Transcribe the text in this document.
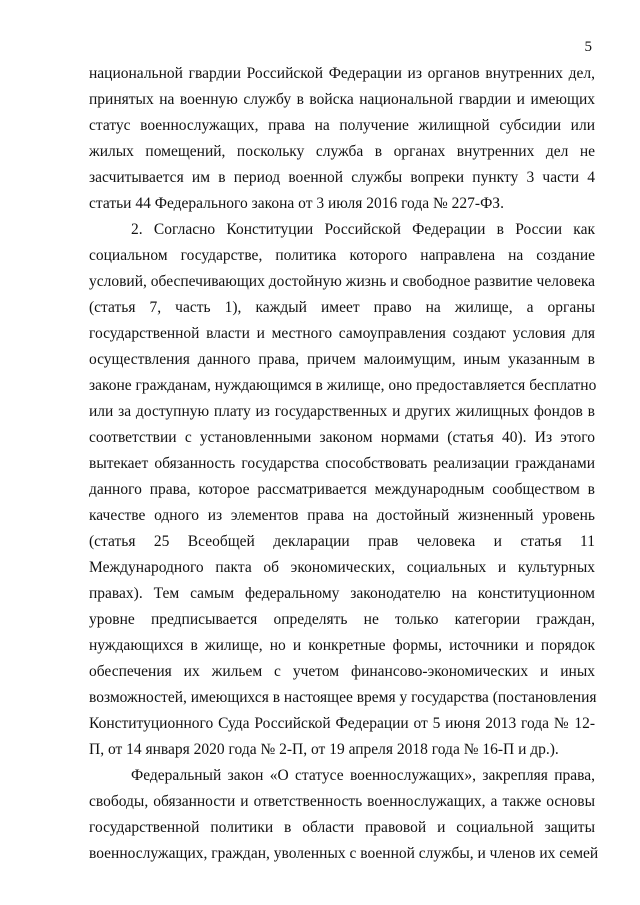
5
национальной гвардии Российской Федерации из органов внутренних дел,
принятых на военную службу в войска национальной гвардии и имеющих
статус военнослужащих, права на получение жилищной субсидии или
жилых помещений, поскольку служба в органах внутренних дел не
засчитывается им в период военной службы вопреки пункту 3 части 4
статьи 44 Федерального закона от 3 июля 2016 года № 227-ФЗ.
2. Согласно Конституции Российской Федерации в России как
социальном государстве, политика которого направлена на создание
условий, обеспечивающих достойную жизнь и свободное развитие человека
(статья 7, часть 1), каждый имеет право на жилище, а органы
государственной власти и местного самоуправления создают условия для
осуществления данного права, причем малоимущим, иным указанным в
законе гражданам, нуждающимся в жилище, оно предоставляется бесплатно
или за доступную плату из государственных и других жилищных фондов в
соответствии с установленными законом нормами (статья 40). Из этого
вытекает обязанность государства способствовать реализации гражданами
данного права, которое рассматривается международным сообществом в
качестве одного из элементов права на достойный жизненный уровень
(статья 25 Всеобщей декларации прав человека и статья 11
Международного пакта об экономических, социальных и культурных
правах). Тем самым федеральному законодателю на конституционном
уровне предписывается определять не только категории граждан,
нуждающихся в жилище, но и конкретные формы, источники и порядок
обеспечения их жильем с учетом финансово-экономических и иных
возможностей, имеющихся в настоящее время у государства (постановления
Конституционного Суда Российской Федерации от 5 июня 2013 года № 12-
П, от 14 января 2020 года № 2-П, от 19 апреля 2018 года № 16-П и др.).
Федеральный закон «О статусе военнослужащих», закрепляя права,
свободы, обязанности и ответственность военнослужащих, а также основы
государственной политики в области правовой и социальной защиты
военнослужащих, граждан, уволенных с военной службы, и членов их семей
